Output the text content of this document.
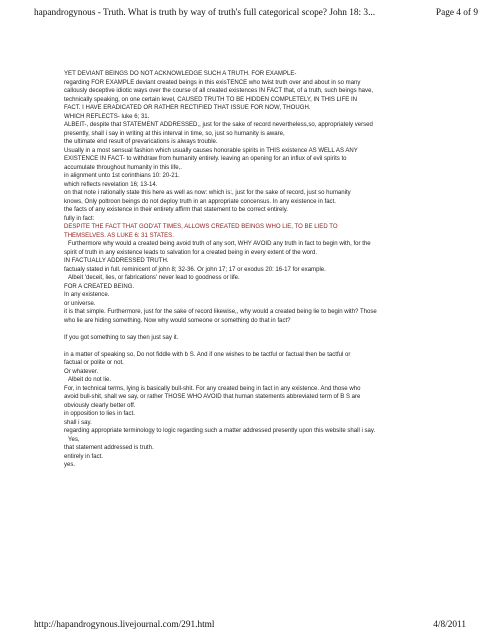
hapandrogynous - Truth. What is truth by way of truth's full categorical scope? John 18: 3...	Page 4 of 9
YET DEVIANT BEINGS DO NOT ACKNOWLEDGE SUCH A TRUTH. FOR EXAMPLE-
regarding FOR EXAMPLE deviant created beings in this exisTENCE who twist truth over and about in so many
callously deceptive idiotic ways over the course of all created existences IN FACT that, of a truth, such beings have,
technically speaking, on one certain level, CAUSED TRUTH TO BE HIDDEN COMPLETELY, IN THIS LIFE IN
FACT. I HAVE ERADICATED OR RATHER RECTIFIED THAT ISSUE FOR NOW, THOUGH.
WHICH REFLECTS- luke 6; 31.
ALBEIT-, despite that STATEMENT ADDRESSED,, just for the sake of record nevertheless,so, appropriately versed
presently, shall i say in writing at this interval in time, so, just so humanity is aware,
the ultimate end result of prevarications is always trouble.
Usually in a most sensual fashion which usually causes honorable spirits in THIS existence AS WELL AS ANY
EXISTENCE IN FACT- to withdraw from humanity entirely. leaving an opening for an influx of evil spirits to
accumulate throughout humanity in this life,.
in alignment unto 1st corinthians 10: 20-21.
which reflects revelation 16; 13-14.
on that note i rationally state this here as well as now: which is:, just for the sake of record, just so humanity
knows, Only poltroon beings do not deploy truth in an appropriate concensus. In any existence in fact.
the facts of any existence in their entirety affirm that statement to be correct entirely.
fully in fact:
DESPITE THE FACT THAT GOD'AT TIMES, ALLOWS CREATED BEINGS WHO LIE, TO BE LIED TO
THEMSELVES. AS LUKE 6: 31 STATES.
Furthermore why would a created being avoid truth of any sort, WHY AVOID any truth in fact to begin with, for the
spirit of truth in any existence leads to salvation for a created being in every extent of the word.
IN FACTUALLY ADDRESSED TRUTH.
factualy stated in full. reminicent of john 8; 32-36. Or john 17; 17 or exodus 20: 16-17 for example.
Albeit 'deceit, lies, or fabrications' never lead to goodness or life.
FOR A CREATED BEING.
In any existence.
or universe.
it is that simple. Furthermore, just for the sake of record likewise,, why would a created being lie to begin with? Those
who lie are hiding something. Now why would someone or something do that in fact?
If you got something to say then just say it.
in a matter of speaking so, Do not fiddle with b S. And if one wishes to be tactful or factual then be tactful or
factual or polite or not.
Or whatever.
Albeit do not lie.
For, in technical terms, lying is basically bull-shit. For any created being in fact in any existence. And those who
avoid bull-shit, shall we say, or rather THOSE WHO AVOID that human statements abbreviated term of B S are
obviously clearly better off.
in opposition to lies in fact.
shall i say.
regarding appropriate terminology to logic regarding such a matter addressed presently upon this website shall i say.
Yes,
that statement addressed is truth.
entirely in fact.
yes.
http://hapandrogynous.livejournal.com/291.html	4/8/2011
